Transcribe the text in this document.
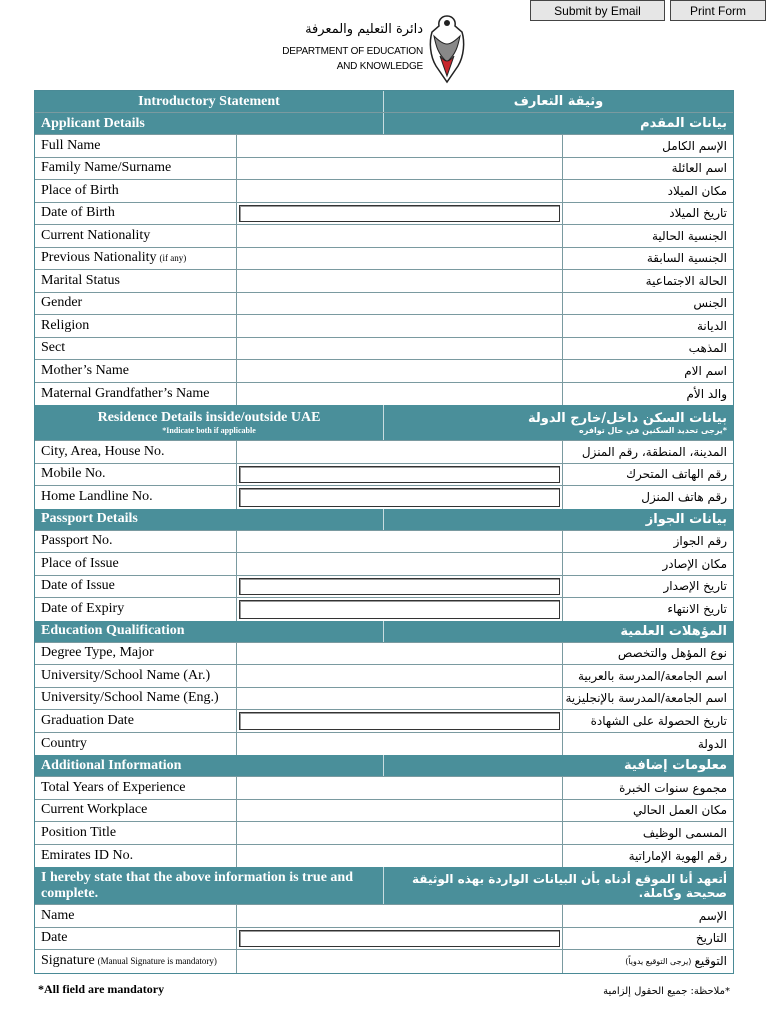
Submit by Email	Print Form
دائرة التعليم والمعرفة
DEPARTMENT OF EDUCATION
AND KNOWLEDGE
Introductory Statement	وثيقة التعارف
Applicant Details	بيانات المقدم
Full Name	الإسم الكامل
Family Name/Surname	اسم العائلة
Place of Birth	مكان الميلاد
Date of Birth	تاريخ الميلاد
Current Nationality	الجنسية الحالية
Previous Nationality (if any)	الجنسية السابقة
Marital Status	الحالة الاجتماعية
Gender	الجنس
Religion	الديانة
Sect	المذهب
Mother’s Name	اسم الام
Maternal Grandfather’s Name	والد الأم
Residence Details inside/outside UAE
*Indicate both if applicable
بيانات السكن داخل/خارج الدولة
*يرجى تحديد السكنين في حال توافره
City, Area, House No.	المدينة، المنطقة، رقم المنزل
Mobile No.	رقم الهاتف المتحرك
Home Landline No.	رقم هاتف المنزل
Passport Details	بيانات الجواز
Passport No.	رقم الجواز
Place of Issue	مكان الإصادر
Date of Issue	تاريخ الإصدار
Date of Expiry	تاريخ الانتهاء
Education Qualification	المؤهلات العلمية
Degree Type, Major	نوع المؤهل والتخصص
University/School Name (Ar.)	اسم الجامعة/المدرسة بالعربية
University/School Name (Eng.)	اسم الجامعة/المدرسة بالإنجليزية
Graduation Date	تاريخ الحصولة على الشهادة
Country	الدولة
Additional Information	معلومات إضافية
Total Years of Experience	مجموع سنوات الخبرة
Current Workplace	مكان العمل الحالي
Position Title	المسمى الوظيف
Emirates ID No.	رقم الهوية الإماراتية
I hereby state that the above information is true and complete.
أتعهد أنا الموقع أدناه بأن البيانات الواردة بهذه الوثيقة صحيحة وكاملة.
Name	الإسم
Date	التاريخ
Signature (Manual Signature is mandatory)	التوقيع
(يرجى التوقيع يدوياً)
*All field are mandatory	*ملاحظة: جميع الحقول إلزامية
